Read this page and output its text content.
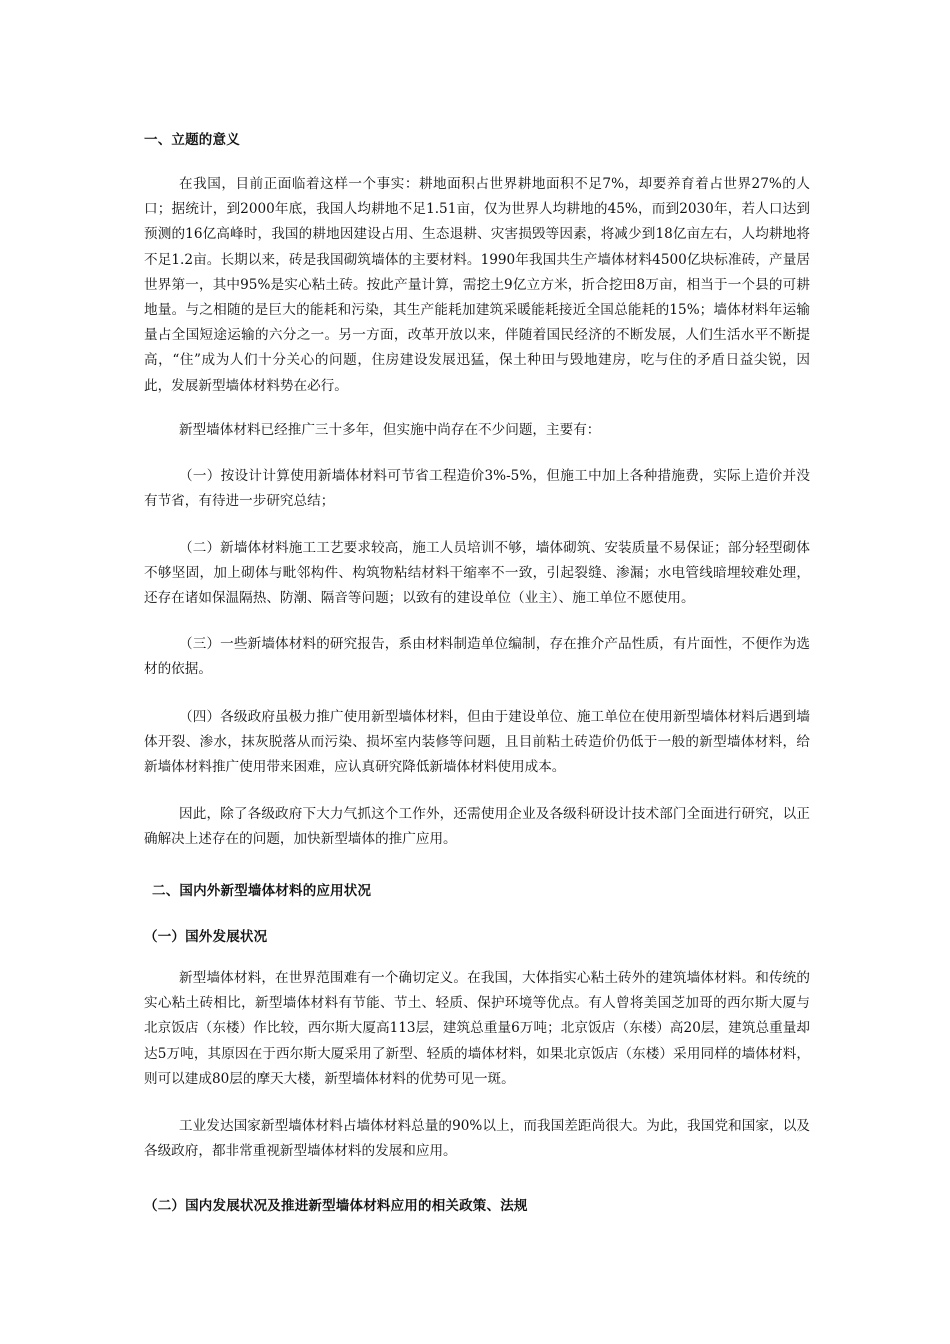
一、立题的意义

在我国，目前正面临着这样一个事实：耕地面积占世界耕地面积不足7%，却要养育着占世界27%的人口；据统计，到2000年底，我国人均耕地不足1.51亩，仅为世界人均耕地的45%，而到2030年，若人口达到预测的16亿高峰时，我国的耕地因建设占用、生态退耕、灾害损毁等因素，将减少到18亿亩左右，人均耕地将不足1.2亩。长期以来，砖是我国砌筑墙体的主要材料。1990年我国共生产墙体材料4500亿块标准砖，产量居世界第一，其中95%是实心粘土砖。按此产量计算，需挖土9亿立方米，折合挖田8万亩，相当于一个县的可耕地量。与之相随的是巨大的能耗和污染，其生产能耗加建筑采暖能耗接近全国总能耗的15%；墙体材料年运输量占全国短途运输的六分之一。另一方面，改革开放以来，伴随着国民经济的不断发展，人们生活水平不断提高，“住”成为人们十分关心的问题，住房建设发展迅猛，保土种田与毁地建房，吃与住的矛盾日益尖锐，因此，发展新型墙体材料势在必行。

新型墙体材料已经推广三十多年，但实施中尚存在不少问题，主要有：

（一）按设计计算使用新墙体材料可节省工程造价3%-5%，但施工中加上各种措施费，实际上造价并没有节省，有待进一步研究总结；

（二）新墙体材料施工工艺要求较高，施工人员培训不够，墙体砌筑、安装质量不易保证；部分轻型砌体不够坚固，加上砌体与毗邻构件、构筑物粘结材料干缩率不一致，引起裂缝、渗漏；水电管线暗埋较难处理，还存在诸如保温隔热、防潮、隔音等问题；以致有的建设单位（业主）、施工单位不愿使用。

（三）一些新墙体材料的研究报告，系由材料制造单位编制，存在推介产品性质，有片面性，不便作为选材的依据。

（四）各级政府虽极力推广使用新型墙体材料，但由于建设单位、施工单位在使用新型墙体材料后遇到墙体开裂、渗水，抹灰脱落从而污染、损坏室内装修等问题，且目前粘土砖造价仍低于一般的新型墙体材料，给新墙体材料推广使用带来困难，应认真研究降低新墙体材料使用成本。

因此，除了各级政府下大力气抓这个工作外，还需使用企业及各级科研设计技术部门全面进行研究，以正确解决上述存在的问题，加快新型墙体的推广应用。

二、国内外新型墙体材料的应用状况
（一）国外发展状况

新型墙体材料，在世界范围难有一个确切定义。在我国，大体指实心粘土砖外的建筑墙体材料。和传统的实心粘土砖相比，新型墙体材料有节能、节土、轻质、保护环境等优点。有人曾将美国芝加哥的西尔斯大厦与北京饭店（东楼）作比较，西尔斯大厦高113层，建筑总重量6万吨；北京饭店（东楼）高20层，建筑总重量却达5万吨，其原因在于西尔斯大厦采用了新型、轻质的墙体材料，如果北京饭店（东楼）采用同样的墙体材料，则可以建成80层的摩天大楼，新型墙体材料的优势可见一斑。

工业发达国家新型墙体材料占墙体材料总量的90%以上，而我国差距尚很大。为此，我国党和国家，以及各级政府，都非常重视新型墙体材料的发展和应用。

（二）国内发展状况及推进新型墙体材料应用的相关政策、法规
